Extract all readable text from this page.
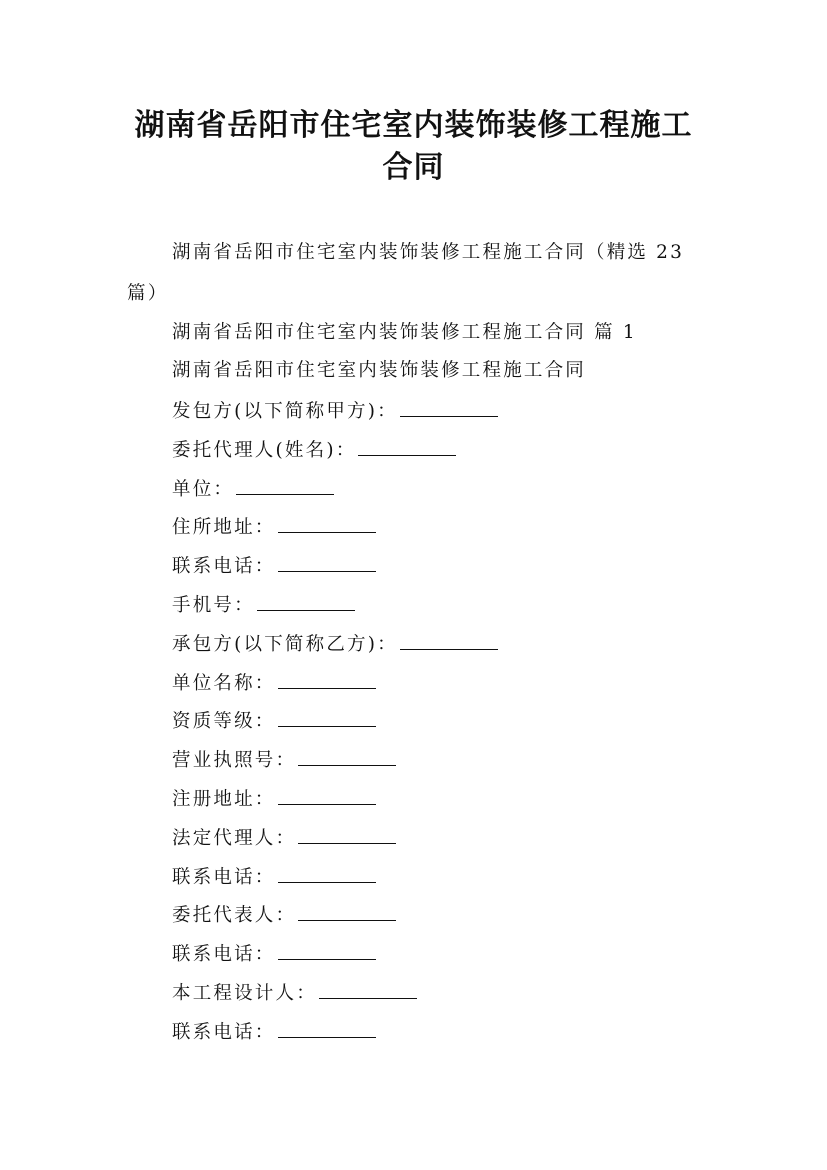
湖南省岳阳市住宅室内装饰装修工程施工
合同
湖南省岳阳市住宅室内装饰装修工程施工合同（精选 23
篇）
湖南省岳阳市住宅室内装饰装修工程施工合同 篇 1
湖南省岳阳市住宅室内装饰装修工程施工合同
发包方(以下简称甲方)：
委托代理人(姓名)：
单位：
住所地址：
联系电话：
手机号：
承包方(以下简称乙方)：
单位名称：
资质等级：
营业执照号：
注册地址：
法定代理人：
联系电话：
委托代表人：
联系电话：
本工程设计人：
联系电话：
